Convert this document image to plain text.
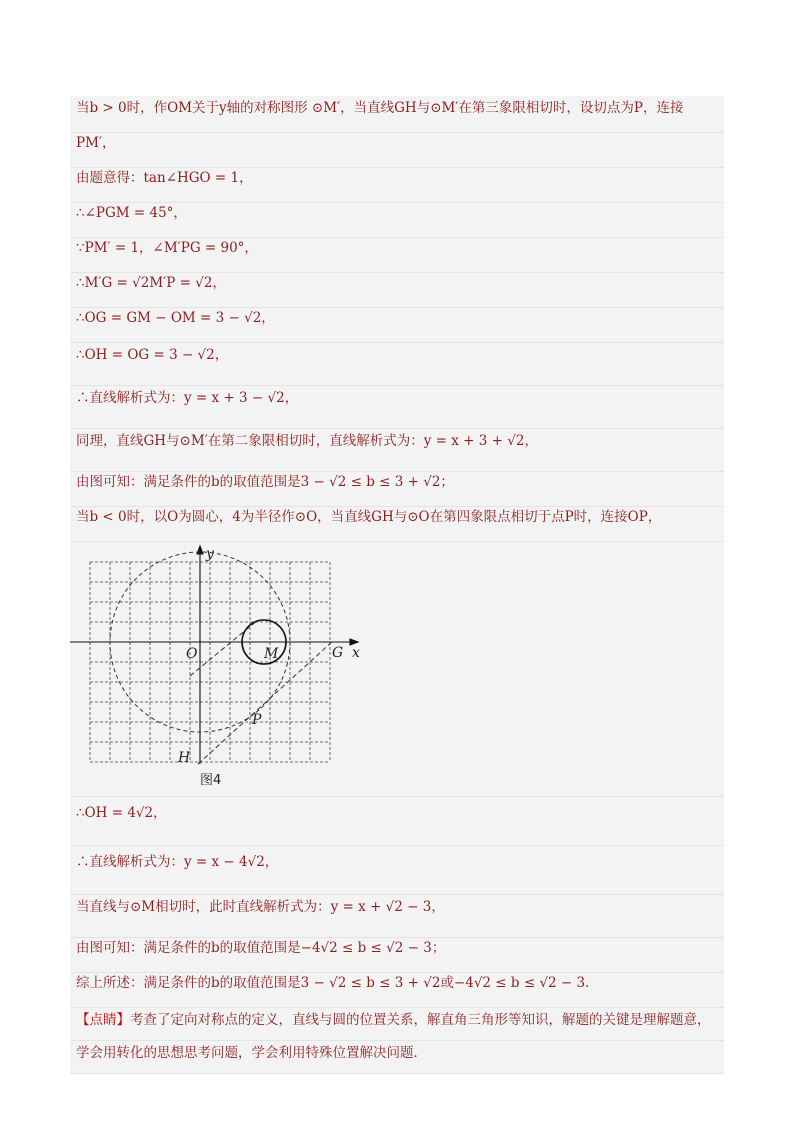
当b > 0时，作OM关于y轴的对称图形 ⊙M′，当直线GH与⊙M′在第三象限相切时，设切点为P，连接
PM′，
由题意得：tan∠HGO = 1，
∴∠PGM = 45°，
∵PM′ = 1，∠M′PG = 90°，
∴M′G = √2M′P = √2，
∴OG = GM − OM = 3 − √2，
∴OH = OG = 3 − √2，
∴直线解析式为：y = x + 3 − √2，
同理，直线GH与⊙M′在第二象限相切时，直线解析式为：y = x + 3 + √2，
由图可知：满足条件的b的取值范围是3 − √2 ≤ b ≤ 3 + √2；
当b < 0时，以O为圆心，4为半径作⊙O，当直线GH与⊙O在第四象限点相切于点P时，连接OP，
y
x
O	M	G
P
H
图4
∴OH = 4√2，
∴直线解析式为：y = x − 4√2，
当直线与⊙M相切时，此时直线解析式为：y = x + √2 − 3，
由图可知：满足条件的b的取值范围是−4√2 ≤ b ≤ √2 − 3；
综上所述：满足条件的b的取值范围是3 − √2 ≤ b ≤ 3 + √2或−4√2 ≤ b ≤ √2 − 3．
【点睛】考查了定向对称点的定义，直线与圆的位置关系，解直角三角形等知识，解题的关键是理解题意，
学会用转化的思想思考问题，学会利用特殊位置解决问题．
